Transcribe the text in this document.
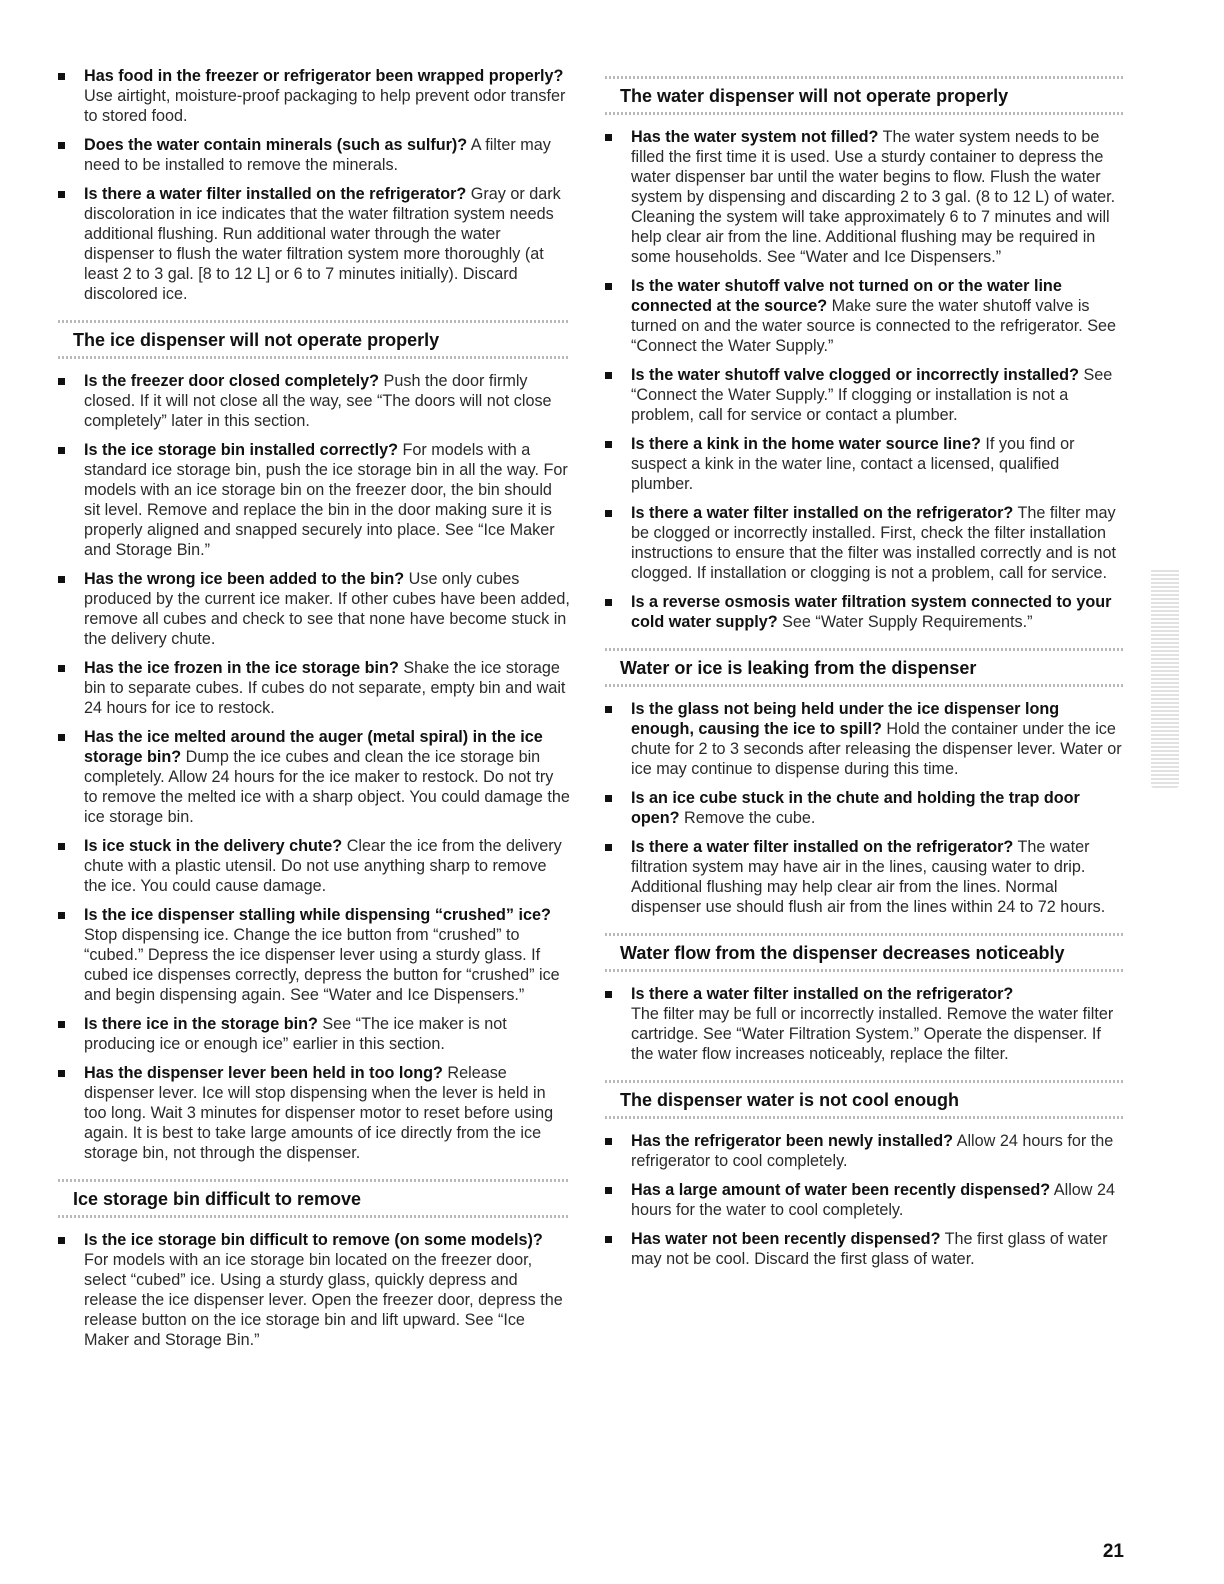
Has food in the freezer or refrigerator been wrapped properly? Use airtight, moisture-proof packaging to help prevent odor transfer to stored food.
Does the water contain minerals (such as sulfur)? A filter may need to be installed to remove the minerals.
Is there a water filter installed on the refrigerator? Gray or dark discoloration in ice indicates that the water filtration system needs additional flushing. Run additional water through the water dispenser to flush the water filtration system more thoroughly (at least 2 to 3 gal. [8 to 12 L] or 6 to 7 minutes initially). Discard discolored ice.
The ice dispenser will not operate properly
Is the freezer door closed completely? Push the door firmly closed. If it will not close all the way, see “The doors will not close completely” later in this section.
Is the ice storage bin installed correctly? For models with a standard ice storage bin, push the ice storage bin in all the way. For models with an ice storage bin on the freezer door, the bin should sit level. Remove and replace the bin in the door making sure it is properly aligned and snapped securely into place. See “Ice Maker and Storage Bin.”
Has the wrong ice been added to the bin? Use only cubes produced by the current ice maker. If other cubes have been added, remove all cubes and check to see that none have become stuck in the delivery chute.
Has the ice frozen in the ice storage bin? Shake the ice storage bin to separate cubes. If cubes do not separate, empty bin and wait 24 hours for ice to restock.
Has the ice melted around the auger (metal spiral) in the ice storage bin? Dump the ice cubes and clean the ice storage bin completely. Allow 24 hours for the ice maker to restock. Do not try to remove the melted ice with a sharp object. You could damage the ice storage bin.
Is ice stuck in the delivery chute? Clear the ice from the delivery chute with a plastic utensil. Do not use anything sharp to remove the ice. You could cause damage.
Is the ice dispenser stalling while dispensing “crushed” ice? Stop dispensing ice. Change the ice button from “crushed” to “cubed.” Depress the ice dispenser lever using a sturdy glass. If cubed ice dispenses correctly, depress the button for “crushed” ice and begin dispensing again. See “Water and Ice Dispensers.”
Is there ice in the storage bin? See “The ice maker is not producing ice or enough ice” earlier in this section.
Has the dispenser lever been held in too long? Release dispenser lever. Ice will stop dispensing when the lever is held in too long. Wait 3 minutes for dispenser motor to reset before using again. It is best to take large amounts of ice directly from the ice storage bin, not through the dispenser.
Ice storage bin difficult to remove
Is the ice storage bin difficult to remove (on some models)? For models with an ice storage bin located on the freezer door, select “cubed” ice. Using a sturdy glass, quickly depress and release the ice dispenser lever. Open the freezer door, depress the release button on the ice storage bin and lift upward. See “Ice Maker and Storage Bin.”
The water dispenser will not operate properly
Has the water system not filled? The water system needs to be filled the first time it is used. Use a sturdy container to depress the water dispenser bar until the water begins to flow. Flush the water system by dispensing and discarding 2 to 3 gal. (8 to 12 L) of water. Cleaning the system will take approximately 6 to 7 minutes and will help clear air from the line. Additional flushing may be required in some households. See “Water and Ice Dispensers.”
Is the water shutoff valve not turned on or the water line connected at the source? Make sure the water shutoff valve is turned on and the water source is connected to the refrigerator. See “Connect the Water Supply.”
Is the water shutoff valve clogged or incorrectly installed? See “Connect the Water Supply.” If clogging or installation is not a problem, call for service or contact a plumber.
Is there a kink in the home water source line? If you find or suspect a kink in the water line, contact a licensed, qualified plumber.
Is there a water filter installed on the refrigerator? The filter may be clogged or incorrectly installed. First, check the filter installation instructions to ensure that the filter was installed correctly and is not clogged. If installation or clogging is not a problem, call for service.
Is a reverse osmosis water filtration system connected to your cold water supply? See “Water Supply Requirements.”
Water or ice is leaking from the dispenser
Is the glass not being held under the ice dispenser long enough, causing the ice to spill? Hold the container under the ice chute for 2 to 3 seconds after releasing the dispenser lever. Water or ice may continue to dispense during this time.
Is an ice cube stuck in the chute and holding the trap door open? Remove the cube.
Is there a water filter installed on the refrigerator? The water filtration system may have air in the lines, causing water to drip. Additional flushing may help clear air from the lines. Normal dispenser use should flush air from the lines within 24 to 72 hours.
Water flow from the dispenser decreases noticeably
Is there a water filter installed on the refrigerator?
The filter may be full or incorrectly installed. Remove the water filter cartridge. See “Water Filtration System.” Operate the dispenser. If the water flow increases noticeably, replace the filter.
The dispenser water is not cool enough
Has the refrigerator been newly installed? Allow 24 hours for the refrigerator to cool completely.
Has a large amount of water been recently dispensed? Allow 24 hours for the water to cool completely.
Has water not been recently dispensed? The first glass of water may not be cool. Discard the first glass of water.
21
